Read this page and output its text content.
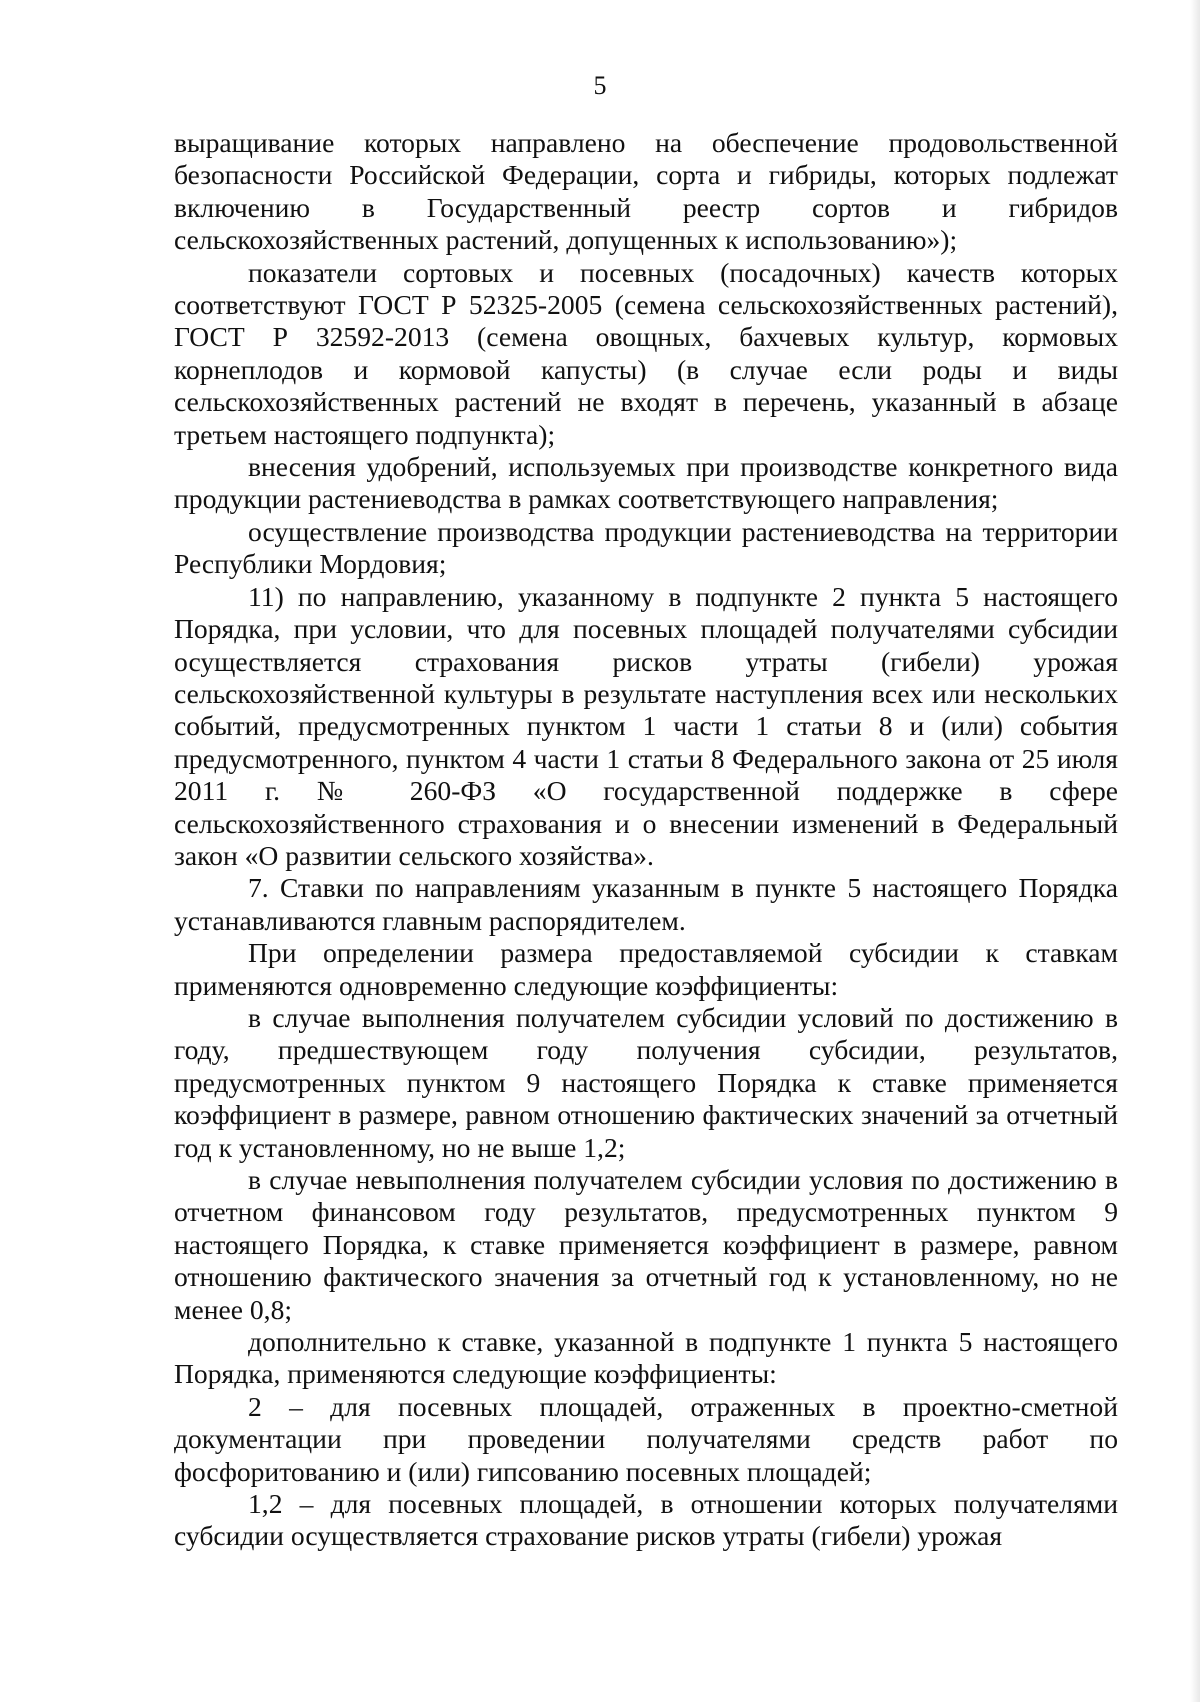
5

выращивание которых направлено на обеспечение продовольственной безопасности Российской Федерации, сорта и гибриды, которых подлежат включению в Государственный реестр сортов и гибридов сельскохозяйственных растений, допущенных к использованию»);

показатели сортовых и посевных (посадочных) качеств которых соответствуют ГОСТ Р 52325-2005 (семена сельскохозяйственных растений), ГОСТ Р 32592-2013 (семена овощных, бахчевых культур, кормовых корнеплодов и кормовой капусты) (в случае если роды и виды сельскохозяйственных растений не входят в перечень, указанный в абзаце третьем настоящего подпункта);

внесения удобрений, используемых при производстве конкретного вида продукции растениеводства в рамках соответствующего направления;

осуществление производства продукции растениеводства на территории Республики Мордовия;

11) по направлению, указанному в подпункте 2 пункта 5 настоящего Порядка, при условии, что для посевных площадей получателями субсидии осуществляется страхования рисков утраты (гибели) урожая сельскохозяйственной культуры в результате наступления всех или нескольких событий, предусмотренных пунктом 1 части 1 статьи 8 и (или) события предусмотренного, пунктом 4 части 1 статьи 8 Федерального закона от 25 июля 2011 г. № 260-ФЗ «О государственной поддержке в сфере сельскохозяйственного страхования и о внесении изменений в Федеральный закон «О развитии сельского хозяйства».

7. Ставки по направлениям указанным в пункте 5 настоящего Порядка устанавливаются главным распорядителем.

При определении размера предоставляемой субсидии к ставкам применяются одновременно следующие коэффициенты:

в случае выполнения получателем субсидии условий по достижению в году, предшествующем году получения субсидии, результатов, предусмотренных пунктом 9 настоящего Порядка к ставке применяется коэффициент в размере, равном отношению фактических значений за отчетный год к установленному, но не выше 1,2;

в случае невыполнения получателем субсидии условия по достижению в отчетном финансовом году результатов, предусмотренных пунктом 9 настоящего Порядка, к ставке применяется коэффициент в размере, равном отношению фактического значения за отчетный год к установленному, но не менее 0,8;

дополнительно к ставке, указанной в подпункте 1 пункта 5 настоящего Порядка, применяются следующие коэффициенты:

2 – для посевных площадей, отраженных в проектно-сметной документации при проведении получателями средств работ по фосфоритованию и (или) гипсованию посевных площадей;

1,2 – для посевных площадей, в отношении которых получателями субсидии осуществляется страхование рисков утраты (гибели) урожая
